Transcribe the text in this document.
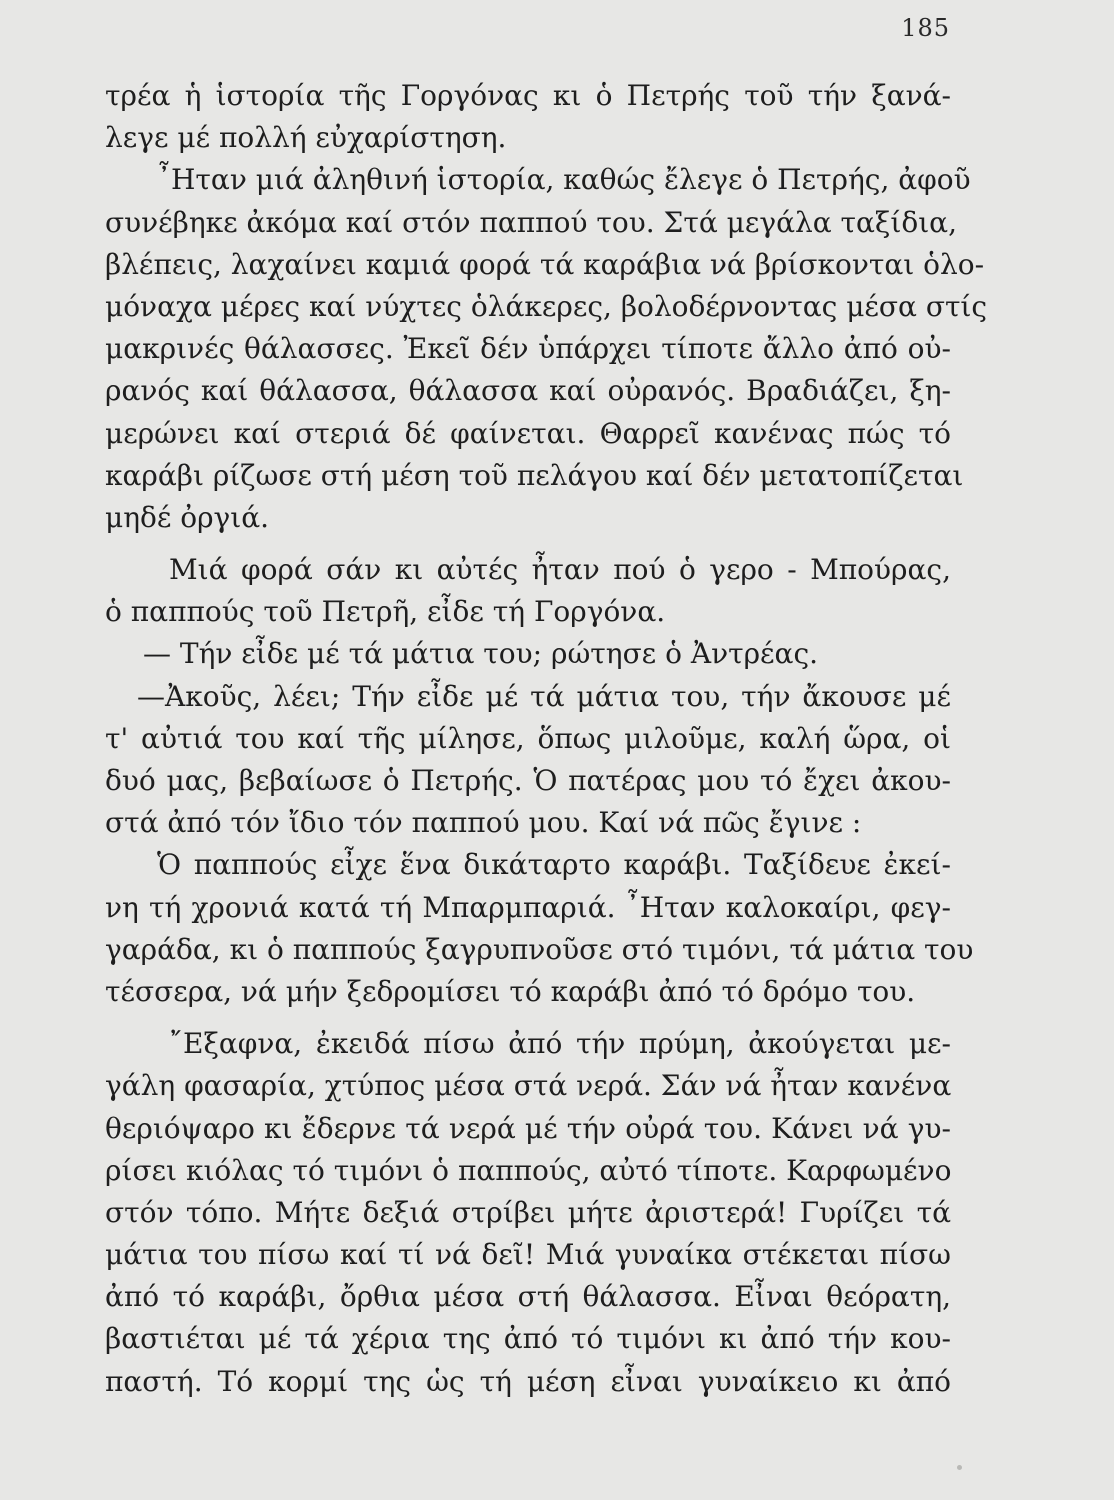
185
τρέα ἡ ἱστορία τῆς Γοργόνας κι ὁ Πετρής τοῦ τήν ξανά-
λεγε μέ πολλή εὐχαρίστηση.
῏Ηταν μιά ἀληθινή ἱστορία, καθώς ἔλεγε ὁ Πετρής, ἀφοῦ
συνέβηκε ἀκόμα καί στόν παππού του. Στά μεγάλα ταξίδια,
βλέπεις, λαχαίνει καμιά φορά τά καράβια νά βρίσκονται ὁλο-
μόναχα μέρες καί νύχτες ὁλάκερες, βολοδέρνοντας μέσα στίς
μακρινές θάλασσες. Ἐκεῖ δέν ὑπάρχει τίποτε ἄλλο ἀπό οὐ-
ρανός καί θάλασσα, θάλασσα καί οὐρανός. Βραδιάζει, ξη-
μερώνει καί στεριά δέ φαίνεται. Θαρρεῖ κανένας πώς τό
καράβι ρίζωσε στή μέση τοῦ πελάγου καί δέν μετατοπίζεται
μηδέ ὀργιά.
Μιά φορά σάν κι αὐτές ἦταν πού ὁ γερο - Μπούρας,
ὁ παππούς τοῦ Πετρῆ, εἶδε τή Γοργόνα.
— Τήν εἶδε μέ τά μάτια του; ρώτησε ὁ Ἀντρέας.
—Ἀκοῦς, λέει; Τήν εἶδε μέ τά μάτια του, τήν ἄκουσε μέ
τ' αὐτιά του καί τῆς μίλησε, ὅπως μιλοῦμε, καλή ὥρα, οἱ
δυό μας, βεβαίωσε ὁ Πετρής. Ὁ πατέρας μου τό ἔχει ἀκου-
στά ἀπό τόν ἴδιο τόν παππού μου. Καί νά πῶς ἔγινε :
Ὁ παππούς εἶχε ἕνα δικάταρτο καράβι. Ταξίδευε ἐκεί-
νη τή χρονιά κατά τή Μπαρμπαριά. ῏Ηταν καλοκαίρι, φεγ-
γαράδα, κι ὁ παππούς ξαγρυπνοῦσε στό τιμόνι, τά μάτια του
τέσσερα, νά μήν ξεδρομίσει τό καράβι ἀπό τό δρόμο του.
῎Εξαφνα, ἐκειδά πίσω ἀπό τήν πρύμη, ἀκούγεται με-
γάλη φασαρία, χτύπος μέσα στά νερά. Σάν νά ἦταν κανένα
θεριόψαρο κι ἔδερνε τά νερά μέ τήν οὐρά του. Κάνει νά γυ-
ρίσει κιόλας τό τιμόνι ὁ παππούς, αὐτό τίποτε. Καρφωμένο
στόν τόπο. Μήτε δεξιά στρίβει μήτε ἀριστερά! Γυρίζει τά
μάτια του πίσω καί τί νά δεῖ! Μιά γυναίκα στέκεται πίσω
ἀπό τό καράβι, ὄρθια μέσα στή θάλασσα. Εἶναι θεόρατη,
βαστιέται μέ τά χέρια της ἀπό τό τιμόνι κι ἀπό τήν κου-
παστή. Τό κορμί της ὡς τή μέση εἶναι γυναίκειο κι ἀπό
